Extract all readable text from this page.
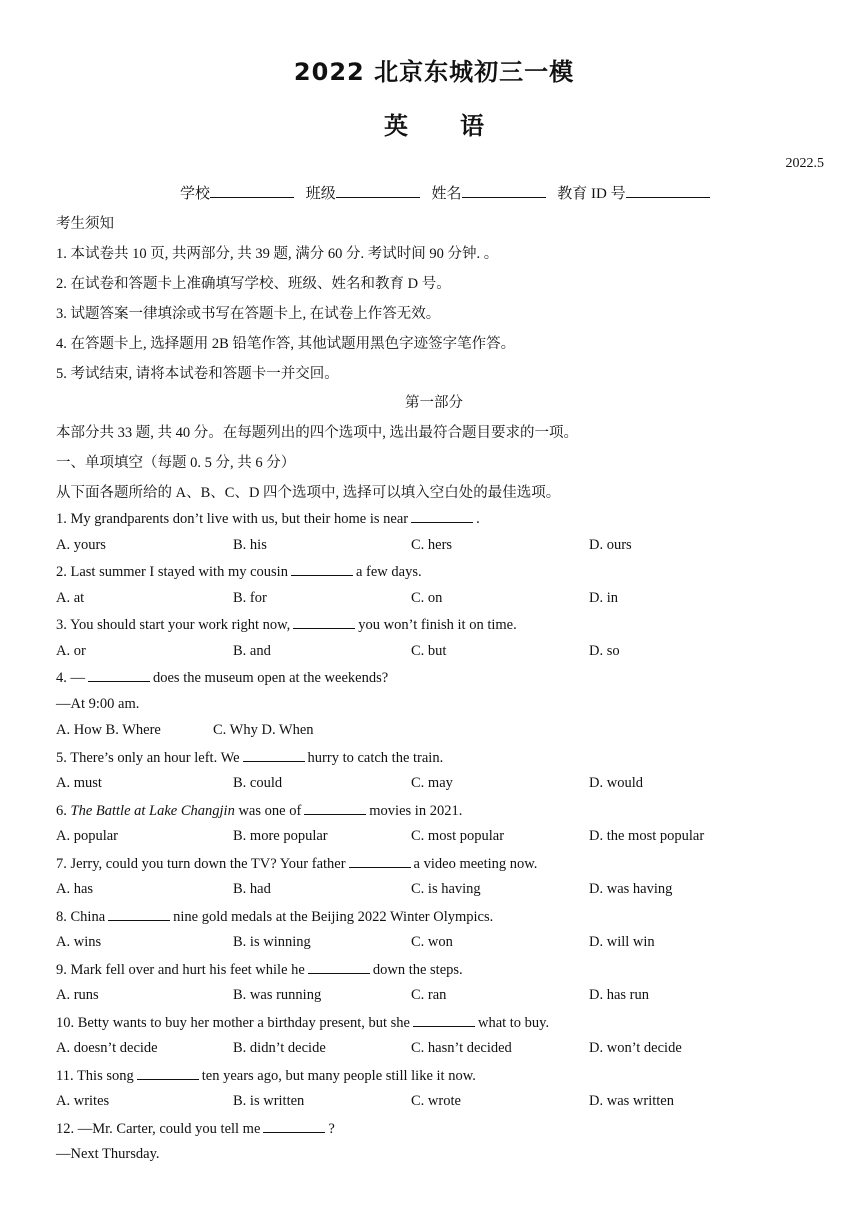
2022 北京东城初三一模
英 语
2022.5
学校	班级	姓名	教育 ID 号
考生须知
1. 本试卷共 10 页, 共两部分, 共 39 题, 满分 60 分. 考试时间 90 分钟. 。
2. 在试卷和答题卡上准确填写学校、班级、姓名和教育 D 号。
3. 试题答案一律填涂或书写在答题卡上, 在试卷上作答无效。
4. 在答题卡上, 选择题用 2B 铅笔作答, 其他试题用黑色字迹签字笔作答。
5. 考试结束, 请将本试卷和答题卡一并交回。
第一部分
本部分共 33 题, 共 40 分。在每题列出的四个选项中, 选出最符合题目要求的一项。
一、单项填空（每题 0. 5 分, 共 6 分）
从下面各题所给的 A、B、C、D 四个选项中, 选择可以填入空白处的最佳选项。
1. My grandparents don’t live with us, but their home is near	.
A. yours	B. his	C. hers	D. ours
2. Last summer I stayed with my cousin	a few days.
A. at	B. for	C. on	D. in
3. You should start your work right now,	you won’t finish it on time.
A. or	B. and	C. but	D. so
4. —	does the museum open at the weekends?
—At 9:00 am.
A. How B. Where	C. Why D. When
5. There’s only an hour left. We	hurry to catch the train.
A. must	B. could	C. may	D. would
6. The Battle at Lake Changjin was one of	movies in 2021.
A. popular	B. more popular	C. most popular	D. the most popular
7. Jerry, could you turn down the TV? Your father	a video meeting now.
A. has	B. had	C. is having	D. was having
8. China	nine gold medals at the Beijing 2022 Winter Olympics.
A. wins	B. is winning	C. won	D. will win
9. Mark fell over and hurt his feet while he	down the steps.
A. runs	B. was running	C. ran	D. has run
10. Betty wants to buy her mother a birthday present, but she	what to buy.
A. doesn’t decide	B. didn’t decide	C. hasn’t decided	D. won’t decide
11. This song	ten years ago, but many people still like it now.
A. writes	B. is written	C. wrote	D. was written
12. —Mr. Carter, could you tell me	?
—Next Thursday.
